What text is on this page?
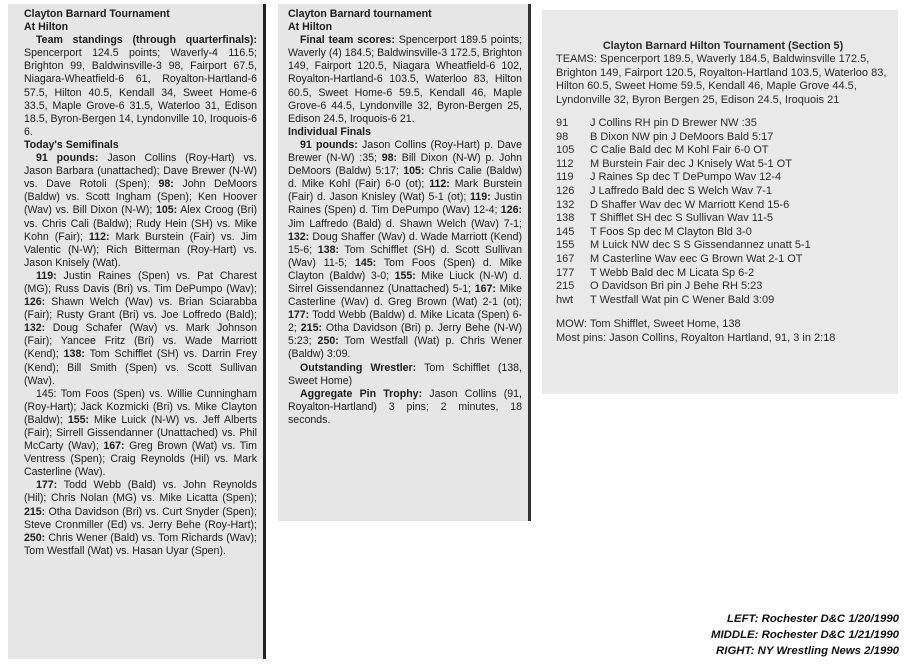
Clayton Barnard Tournament

At Hilton

Team standings (through quarterfinals): Spencerport 124.5 points; Waverly-4 116.5; Brighton 99, Baldwinsville-3 98, Fairport 67.5, Niagara-Wheatfield-6 61, Royalton-Hartland-6 57.5, Hilton 40.5, Kendall 34, Sweet Home-6 33.5, Maple Grove-6 31.5, Waterloo 31, Edison 18.5, Byron-Bergen 14, Lyndonville 10, Iroquois-6 6.

Today's Semifinals

91 pounds: Jason Collins (Roy-Hart) vs. Jason Barbara (unattached); Dave Brewer (N-W) vs. Dave Rotoli (Spen); 98: John DeMoors (Baldw) vs. Scott Ingham (Spen); Ken Hoover (Wav) vs. Bill Dixon (N-W); 105: Alex Croog (Bri) vs. Chris Cali (Baldw); Rudy Hein (SH) vs. Mike Kohn (Fair); 112: Mark Burstein (Fair) vs. Jim Valentic (N-W); Rich Bitterman (Roy-Hart) vs. Jason Knisely (Wat).

119: Justin Raines (Spen) vs. Pat Charest (MG); Russ Davis (Bri) vs. Tim DePumpo (Wav); 126: Shawn Welch (Wav) vs. Brian Sciarabba (Fair); Rusty Grant (Bri) vs. Joe Loffredo (Bald); 132: Doug Schafer (Wav) vs. Mark Johnson (Fair); Yancee Fritz (Bri) vs. Wade Marriott (Kend); 138: Tom Schifflet (SH) vs. Darrin Frey (Kend); Bill Smith (Spen) vs. Scott Sullivan (Wav).

145: Tom Foos (Spen) vs. Willie Cunningham (Roy-Hart); Jack Kozmicki (Bri) vs. Mike Clayton (Baldw); 155: Mike Luick (N-W) vs. Jeff Alberts (Fair); Sirrell Gissendanner (Unattached) vs. Phil McCarty (Wav); 167: Greg Brown (Wat) vs. Tim Ventress (Spen); Craig Reynolds (Hil) vs. Mark Casterline (Wav).

177: Todd Webb (Bald) vs. John Reynolds (Hil); Chris Nolan (MG) vs. Mike Licatta (Spen); 215: Otha Davidson (Bri) vs. Curt Snyder (Spen); Steve Cronmiller (Ed) vs. Jerry Behe (Roy-Hart); 250: Chris Wener (Bald) vs. Tom Richards (Wav); Tom Westfall (Wat) vs. Hasan Uyar (Spen).

Clayton Barnard tournament

At Hilton

Final team scores: Spencerport 189.5 points; Waverly (4) 184.5; Baldwinsville-3 172.5, Brighton 149, Fairport 120.5, Niagara Wheatfield-6 102, Royalton-Hartland-6 103.5, Waterloo 83, Hilton 60.5, Sweet Home-6 59.5, Kendall 46, Maple Grove-6 44.5, Lyndonville 32, Byron-Bergen 25, Edison 24.5, Iroquois-6 21.

Individual Finals

91 pounds: Jason Collins (Roy-Hart) p. Dave Brewer (N-W) :35; 98: Bill Dixon (N-W) p. John DeMoors (Baldw) 5:17; 105: Chris Calie (Baldw) d. Mike Kohl (Fair) 6-0 (ot); 112: Mark Burstein (Fair) d. Jason Knisley (Wat) 5-1 (ot); 119: Justin Raines (Spen) d. Tim DePumpo (Wav) 12-4; 126: Jim Laffredo (Bald) d. Shawn Welch (Wav) 7-1; 132: Doug Shaffer (Wav) d. Wade Marriott (Kend) 15-6; 138: Tom Schifflet (SH) d. Scott Sullivan (Wav) 11-5; 145: Tom Foos (Spen) d. Mike Clayton (Baldw) 3-0; 155: Mike Liuck (N-W) d. Sirrel Gissendannez (Unattached) 5-1; 167: Mike Casterline (Wav) d. Greg Brown (Wat) 2-1 (ot); 177: Todd Webb (Baldw) d. Mike Licata (Spen) 6-2; 215: Otha Davidson (Bri) p. Jerry Behe (N-W) 5:23; 250: Tom Westfall (Wat) p. Chris Wener (Baldw) 3:09.

Outstanding Wrestler: Tom Schifflet (138, Sweet Home)

Aggregate Pin Trophy: Jason Collins (91, Royalton-Hartland) 3 pins; 2 minutes, 18 seconds.

Clayton Barnard Hilton Tournament (Section 5)

TEAMS: Spencerport 189.5, Waverly 184.5, Baldwinsville 172.5, Brighton 149, Fairport 120.5, Royalton-Hartland 103.5, Waterloo 83, Hilton 60.5, Sweet Home 59.5, Kendall 46, Maple Grove 44.5, Lyndonville 32, Byron Bergen 25, Edison 24.5, Iroquois 21

91	J Collins RH pin D Brewer NW :35
98	B Dixon NW pin J DeMoors Bald 5:17
105	C Calie Bald dec M Kohl Fair 6-0 OT
112	M Burstein Fair dec J Knisely Wat 5-1 OT
119	J Raines Sp dec T DePumpo Wav 12-4
126	J Laffredo Bald dec S Welch Wav 7-1
132	D Shaffer Wav dec W Marriott Kend 15-6
138	T Shifflet SH dec S Sullivan Wav 11-5
145	T Foos Sp dec M Clayton Bld 3-0
155	M Luick NW dec S S Gissendannez unatt 5-1
167	M Casterline Wav eec G Brown Wat 2-1 OT
177	T Webb Bald dec M Licata Sp 6-2
215	O Davidson Bri pin J Behe RH 5:23
hwt	T Westfall Wat pin C Wener Bald 3:09

MOW: Tom Shifflet, Sweet Home, 138

Most pins: Jason Collins, Royalton Hartland, 91, 3 in 2:18

LEFT: Rochester D&C 1/20/1990

MIDDLE: Rochester D&C 1/21/1990

RIGHT: NY Wrestling News 2/1990
